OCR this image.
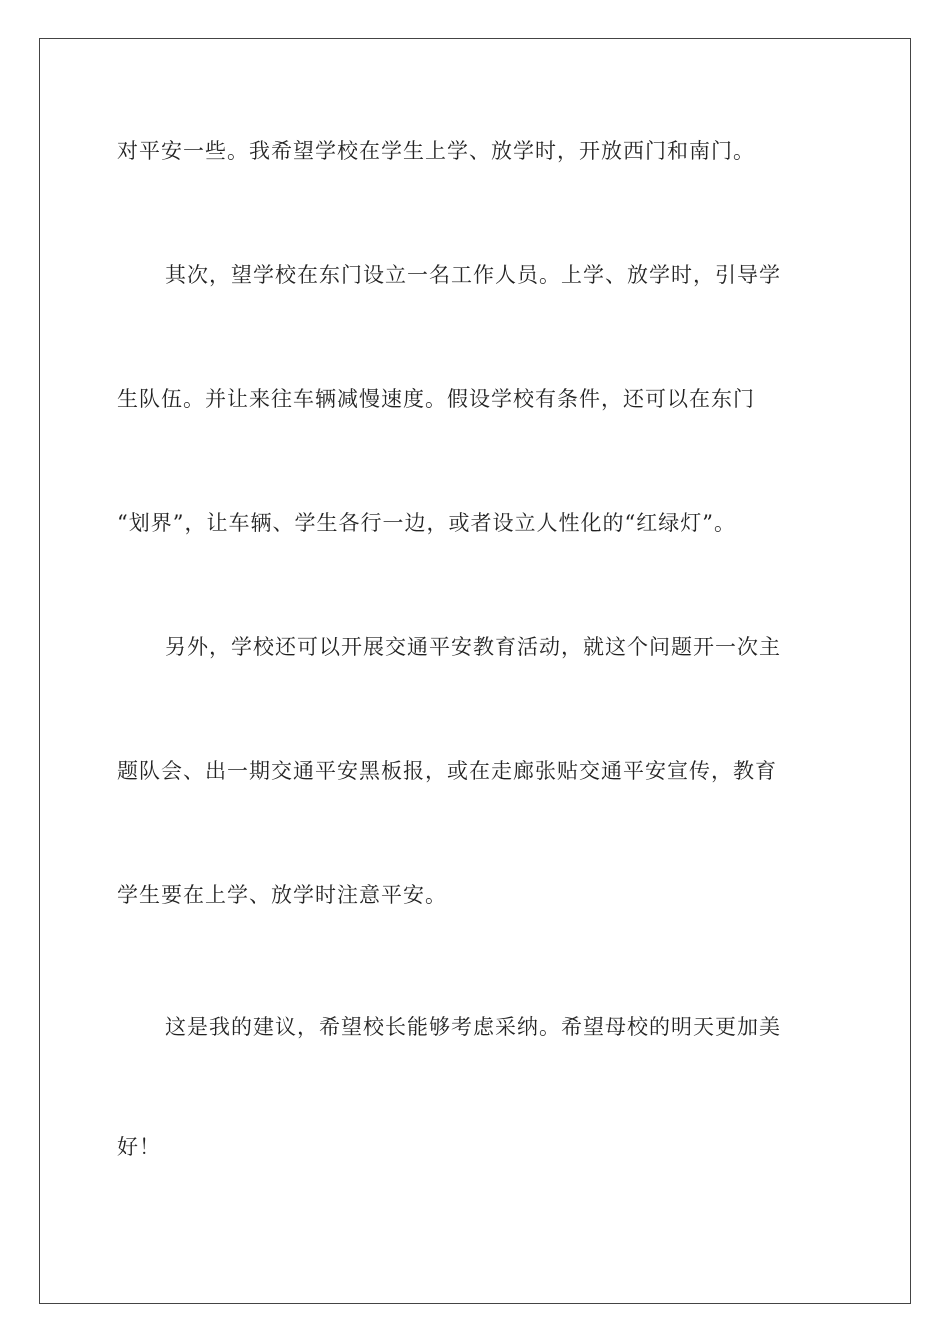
对平安一些。我希望学校在学生上学、放学时，开放西门和南门。
其次，望学校在东门设立一名工作人员。上学、放学时，引导学
生队伍。并让来往车辆减慢速度。假设学校有条件，还可以在东门
“划界”，让车辆、学生各行一边，或者设立人性化的“红绿灯”。
另外，学校还可以开展交通平安教育活动，就这个问题开一次主
题队会、出一期交通平安黑板报，或在走廊张贴交通平安宣传，教育
学生要在上学、放学时注意平安。
这是我的建议，希望校长能够考虑采纳。希望母校的明天更加美
好！
